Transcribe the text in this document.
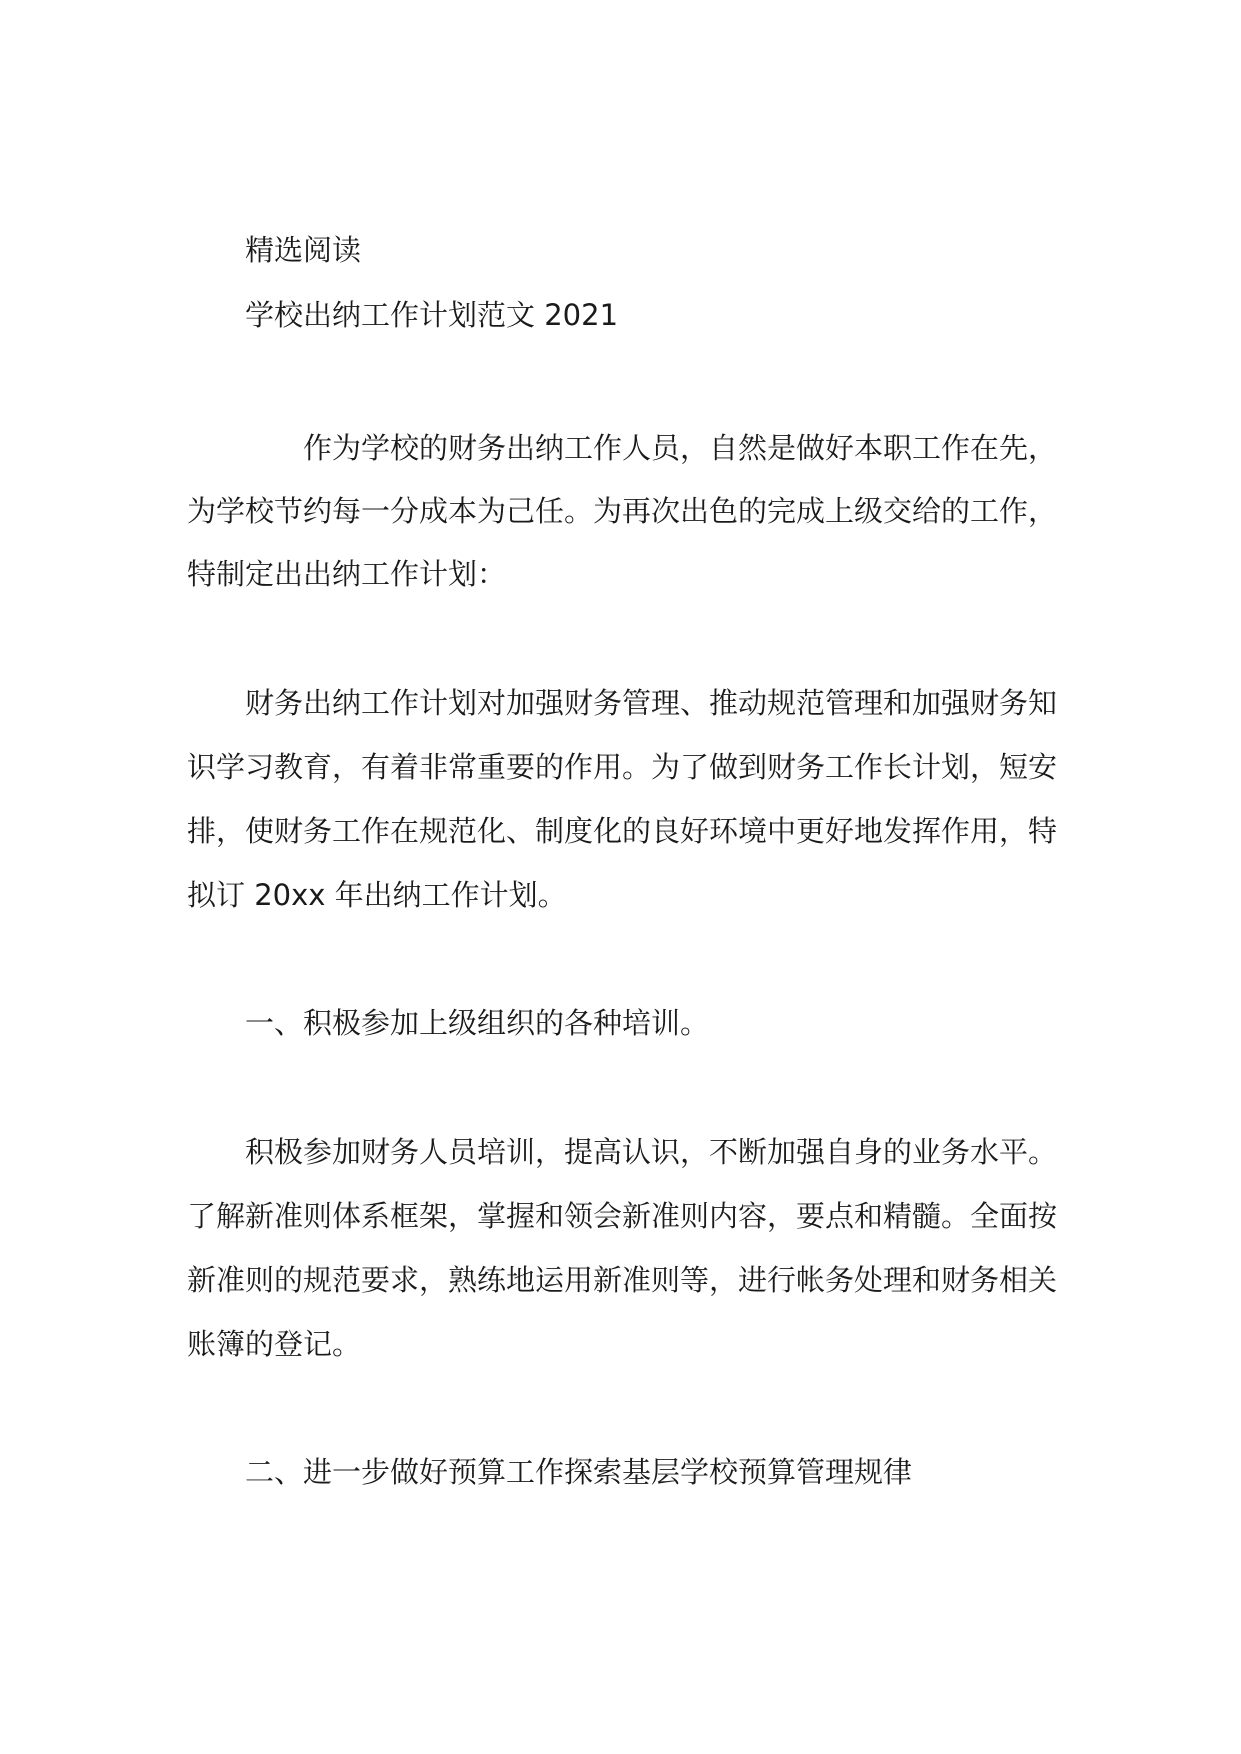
精选阅读
学校出纳工作计划范文 2021
作为学校的财务出纳工作人员，自然是做好本职工作在先，
为学校节约每一分成本为己任。为再次出色的完成上级交给的工作，
特制定出出纳工作计划：
财务出纳工作计划对加强财务管理、推动规范管理和加强财务知
识学习教育，有着非常重要的作用。为了做到财务工作长计划，短安
排，使财务工作在规范化、制度化的良好环境中更好地发挥作用，特
拟订 20xx 年出纳工作计划。
一、积极参加上级组织的各种培训。
积极参加财务人员培训，提高认识，不断加强自身的业务水平。
了解新准则体系框架，掌握和领会新准则内容，要点和精髓。全面按
新准则的规范要求，熟练地运用新准则等，进行帐务处理和财务相关
账簿的登记。
二、进一步做好预算工作探索基层学校预算管理规律
